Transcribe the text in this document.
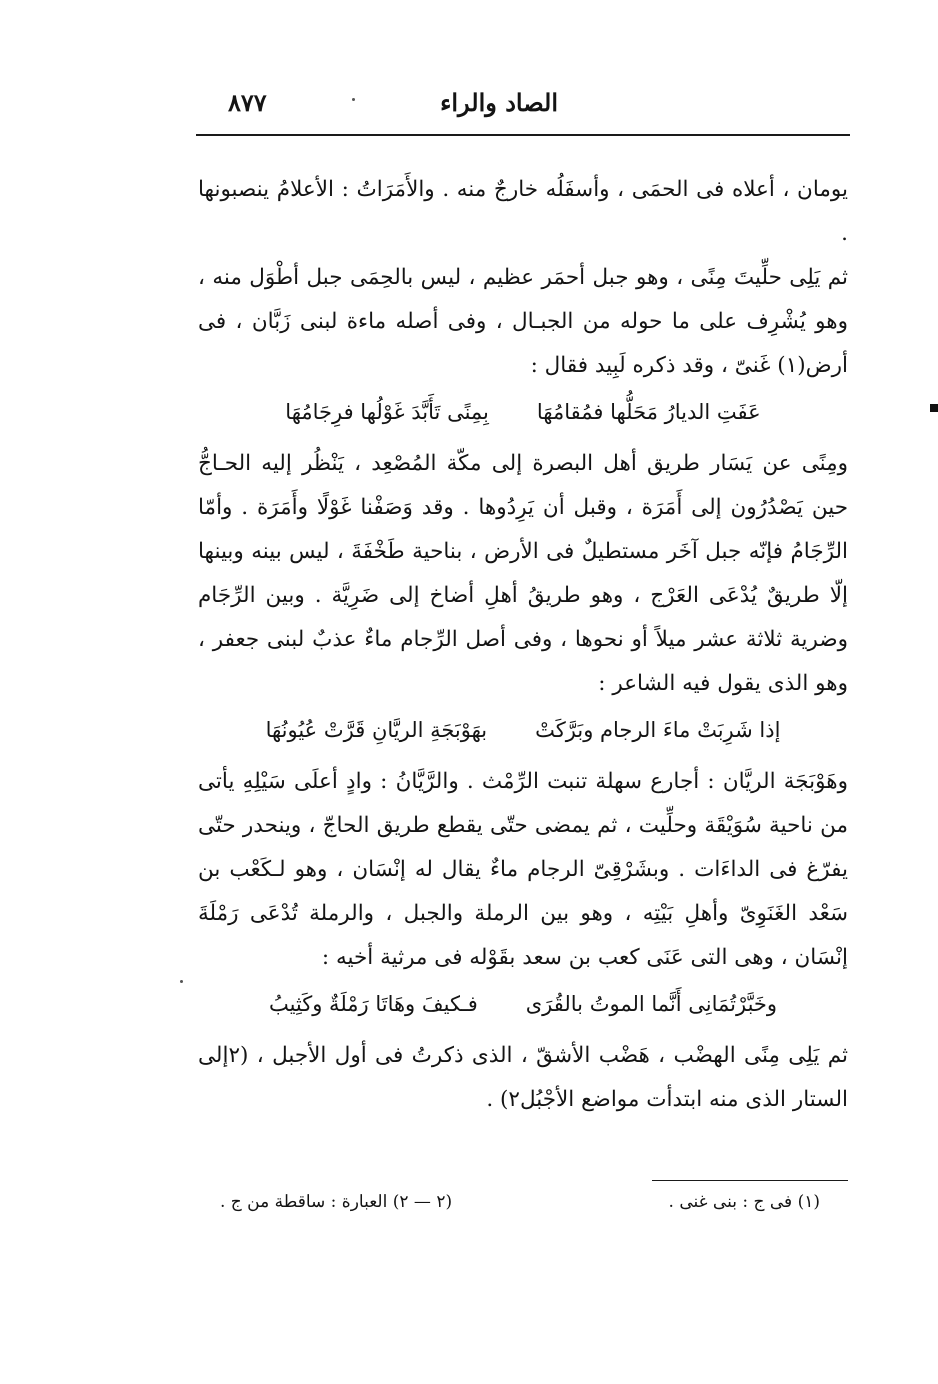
الصاد والراء
٨٧٧

يومان ، أعلاه فى الحمَى ، وأسفَلُه خارجٌ منه . والأَمَرَاتُ : الأعلامُ ينصبونها .

ثم يَلِى حلِّيتَ مِنًى ، وهو جبل أحمَر عظيم ، ليس بالحِمَى جبل أطْوَل منه ، وهو يُشْرِف على ما حوله من الجبـال ، وفى أصله ماءة لبنى زَبَّان ، فى أرض(١) غَنىّ ، وقد ذكره لَبِيد فقال :

عَفَتِ الديارُ مَحَلُّها فمُقامُهَا
بِمِنًى تَأَبَّدَ غَوْلُها فرِجَامُهَا

ومِنًى عن يَسَار طريق أهل البصرة إلى مكّة المُصْعِد ، يَنْظُر إليه الحـاجُّ حين يَصْدُرُون إلى أَمَرَة ، وقبل أن يَرِدُوها . وقد وَصَفْنا غَوْلًا وأَمَرَة . وأمّا الرِّجَامُ فإنّه جبل آخَر مستطيلٌ فى الأرض ، بناحية طَخْفَةَ ، ليس بينه وبينها إلّا طريقٌ يُدْعَى العَرْج ، وهو طريقُ أهلِ أضاخ إلى ضَرِيَّة . وبين الرِّجَام وضرية ثلاثة عشر ميلاً أو نحوها ، وفى أصل الرِّجام ماءٌ عذبٌ لبنى جعفر ، وهو الذى يقول فيه الشاعر :

إذا شَرِبَتْ ماءَ الرجام وبَرَّكَتْ
بهَوْبَجَةِ الريَّانِ قَرَّتْ عُيُونُهَا

وهَوْبَجَة الريَّان : أجارع سهلة تنبت الرِّمْث . والرَّيَّانُ : وادٍ أعلَى سَيْلِهِ يأتى من ناحية سُوَيْقَة وحلِّيت ، ثم يمضى حتّى يقطع طريق الحاجّ ، وينحدر حتّى يفرّغ فى الداءَات . وبشَرْقِىّ الرجام ماءٌ يقال له إنْسَان ، وهو لـكَعْب بن سَعْد الغَنَوِىّ وأهلِ بَيْتِه ، وهو بين الرملة والجبل ، والرملة تُدْعَى رَمْلَةَ إنْسَان ، وهى التى عَنَى كعب بن سعد بقَوْله فى مرثية أخيه :

وخَبَّرْتُمَانِى أَنَّما الموتُ بالقُرَى
فـكيفَ وهَاتَا رَمْلَةٌ وكَثِيبُ

ثم يَلِى مِنًى الهضْب ، هَضْب الأشقّ ، الذى ذكرتُ فى أول الأجبل ، (٢إلى الستار الذى منه ابتدأت مواضع الأجْبُل٢) .

(١) فى ج : بنى غنى .
(٢ — ٢) العبارة : ساقطة من ج .
